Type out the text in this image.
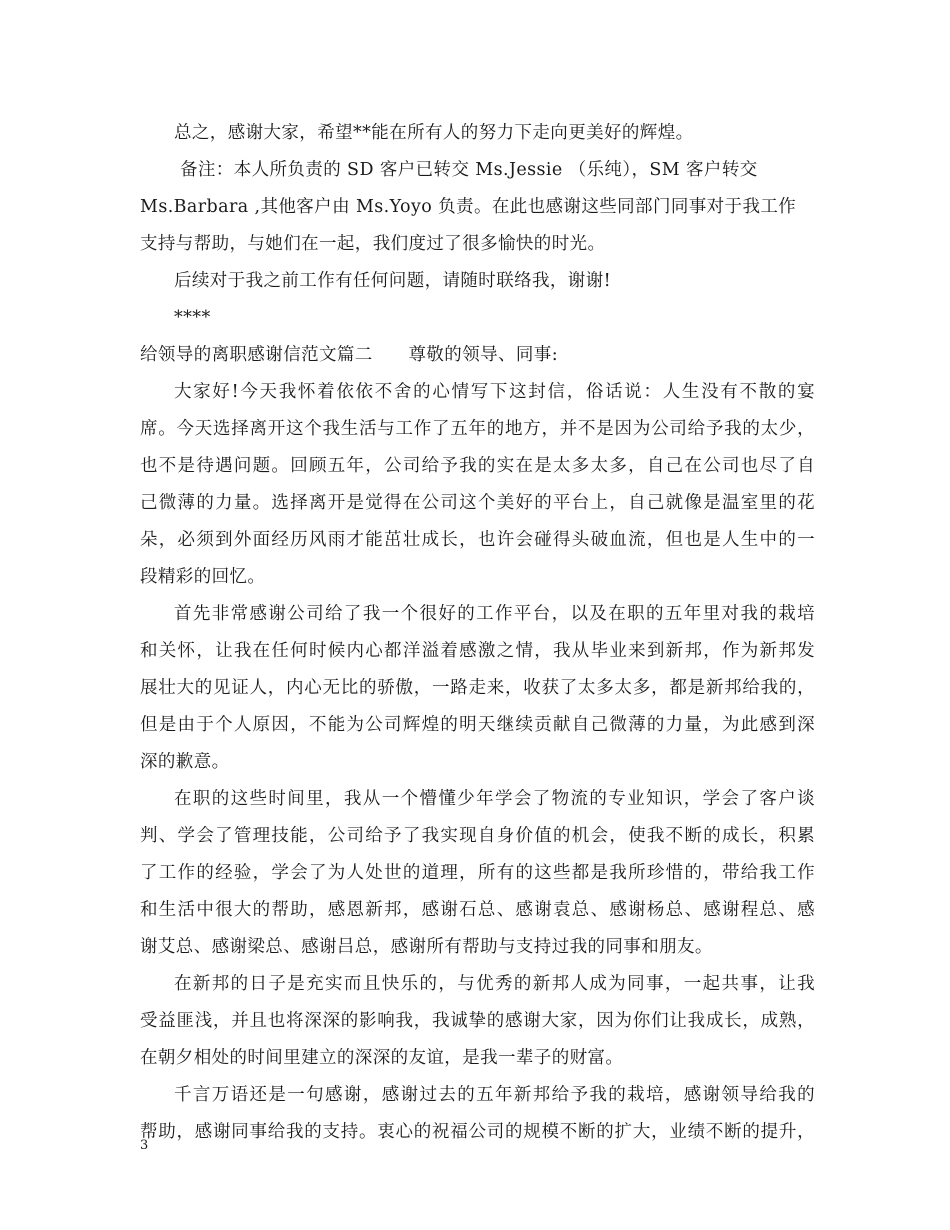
总之，感谢大家，希望**能在所有人的努力下走向更美好的辉煌。
备注：本人所负责的 SD 客户已转交 Ms.Jessie （乐纯），SM 客户转交
Ms.Barbara ,其他客户由 Ms.Yoyo 负责。在此也感谢这些同部门同事对于我工作
支持与帮助，与她们在一起，我们度过了很多愉快的时光。
后续对于我之前工作有任何问题，请随时联络我，谢谢!
****
给领导的离职感谢信范文篇二　　尊敬的领导、同事:
大家好!今天我怀着依依不舍的心情写下这封信，俗话说：人生没有不散的宴
席。今天选择离开这个我生活与工作了五年的地方，并不是因为公司给予我的太少，
也不是待遇问题。回顾五年，公司给予我的实在是太多太多，自己在公司也尽了自
己微薄的力量。选择离开是觉得在公司这个美好的平台上，自己就像是温室里的花
朵，必须到外面经历风雨才能茁壮成长，也许会碰得头破血流，但也是人生中的一
段精彩的回忆。
首先非常感谢公司给了我一个很好的工作平台，以及在职的五年里对我的栽培
和关怀，让我在任何时候内心都洋溢着感激之情，我从毕业来到新邦，作为新邦发
展壮大的见证人，内心无比的骄傲，一路走来，收获了太多太多，都是新邦给我的，
但是由于个人原因，不能为公司辉煌的明天继续贡献自己微薄的力量，为此感到深
深的歉意。
在职的这些时间里，我从一个懵懂少年学会了物流的专业知识，学会了客户谈
判、学会了管理技能，公司给予了我实现自身价值的机会，使我不断的成长，积累
了工作的经验，学会了为人处世的道理，所有的这些都是我所珍惜的，带给我工作
和生活中很大的帮助，感恩新邦，感谢石总、感谢袁总、感谢杨总、感谢程总、感
谢艾总、感谢梁总、感谢吕总，感谢所有帮助与支持过我的同事和朋友。
在新邦的日子是充实而且快乐的，与优秀的新邦人成为同事，一起共事，让我
受益匪浅，并且也将深深的影响我，我诚挚的感谢大家，因为你们让我成长，成熟，
在朝夕相处的时间里建立的深深的友谊，是我一辈子的财富。
千言万语还是一句感谢，感谢过去的五年新邦给予我的栽培，感谢领导给我的
帮助，感谢同事给我的支持。衷心的祝福公司的规模不断的扩大，业绩不断的提升，
3
